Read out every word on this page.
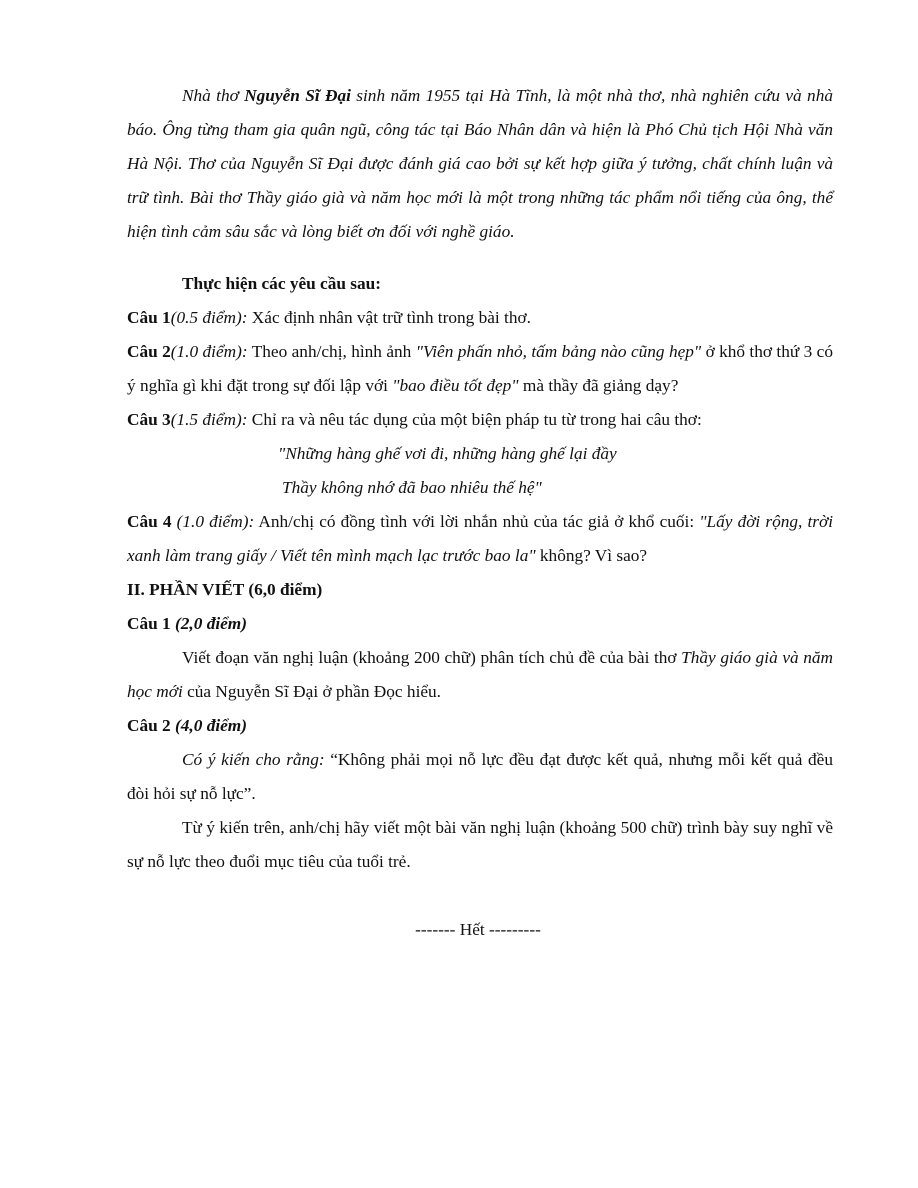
Nhà thơ Nguyễn Sĩ Đại sinh năm 1955 tại Hà Tĩnh, là một nhà thơ, nhà nghiên cứu và nhà báo. Ông từng tham gia quân ngũ, công tác tại Báo Nhân dân và hiện là Phó Chủ tịch Hội Nhà văn Hà Nội. Thơ của Nguyễn Sĩ Đại được đánh giá cao bởi sự kết hợp giữa ý tưởng, chất chính luận và trữ tình. Bài thơ Thầy giáo già và năm học mới là một trong những tác phẩm nổi tiếng của ông, thể hiện tình cảm sâu sắc và lòng biết ơn đối với nghề giáo.

Thực hiện các yêu cầu sau:

Câu 1(0.5 điểm): Xác định nhân vật trữ tình trong bài thơ.

Câu 2(1.0 điểm): Theo anh/chị, hình ảnh "Viên phấn nhỏ, tấm bảng nào cũng hẹp" ở khổ thơ thứ 3 có ý nghĩa gì khi đặt trong sự đối lập với "bao điều tốt đẹp" mà thầy đã giảng dạy?

Câu 3(1.5 điểm): Chỉ ra và nêu tác dụng của một biện pháp tu từ trong hai câu thơ:

"Những hàng ghế vơi đi, những hàng ghế lại đầy

Thầy không nhớ đã bao nhiêu thế hệ"

Câu 4 (1.0 điểm): Anh/chị có đồng tình với lời nhắn nhủ của tác giả ở khổ cuối: "Lấy đời rộng, trời xanh làm trang giấy / Viết tên mình mạch lạc trước bao la" không? Vì sao?

II. PHẦN VIẾT (6,0 điểm)

Câu 1 (2,0 điểm)

Viết đoạn văn nghị luận (khoảng 200 chữ) phân tích chủ đề của bài thơ Thầy giáo già và năm học mới của Nguyễn Sĩ Đại ở phần Đọc hiểu.

Câu 2 (4,0 điểm)

Có ý kiến cho rằng: “Không phải mọi nỗ lực đều đạt được kết quả, nhưng mỗi kết quả đều đòi hỏi sự nỗ lực”.

Từ ý kiến trên, anh/chị hãy viết một bài văn nghị luận (khoảng 500 chữ) trình bày suy nghĩ về sự nỗ lực theo đuổi mục tiêu của tuổi trẻ.

------- Hết ---------
